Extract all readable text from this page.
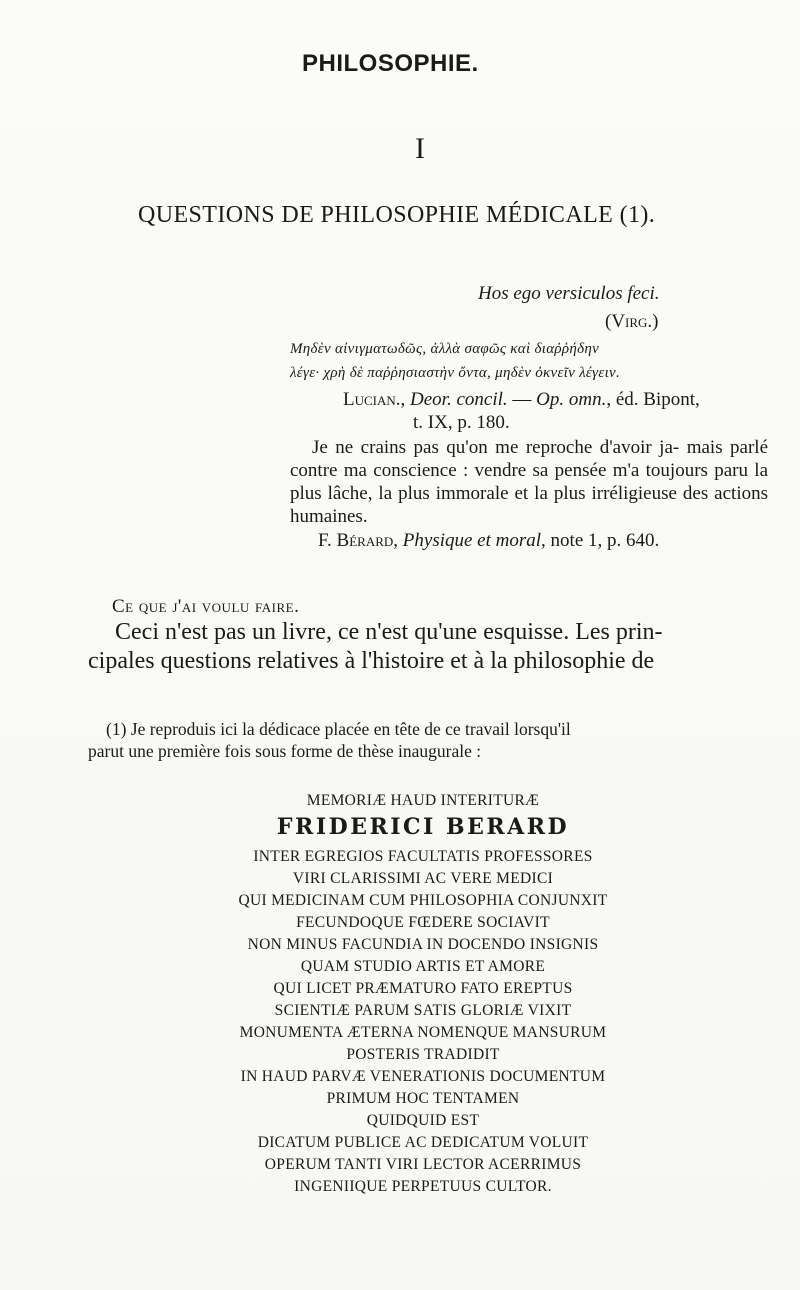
PHILOSOPHIE.
I
QUESTIONS DE PHILOSOPHIE MÉDICALE (1).
Hos ego versiculos feci.
(Virg.)
Μηδὲν αἰνιγματωδῶς, ἀλλὰ σαφῶς καὶ διαῤῥήδην
λέγε· χρὴ δὲ παῤῥησιαστὴν ὄντα, μηδὲν ὀκνεῖν λέγειν.
Lucian., Deor. concil. — Op. omn., éd. Bipont,
t. IX, p. 180.

Je ne crains pas qu'on me reproche d'avoir ja- mais parlé contre ma conscience : vendre sa pensée m'a toujours paru la plus lâche, la plus immorale et la plus irréligieuse des actions humaines.

F. Bérard, Physique et moral, note 1, p. 640.
Ce que j'ai voulu faire.
Ceci n'est pas un livre, ce n'est qu'une esquisse. Les prin-
cipales questions relatives à l'histoire et à la philosophie de
(1) Je reproduis ici la dédicace placée en tête de ce travail lorsqu'il
parut une première fois sous forme de thèse inaugurale :
MEMORIÆ HAUD INTERITURÆ
FRIDERICI BERARD
INTER EGREGIOS FACULTATIS PROFESSORES
VIRI CLARISSIMI AC VERE MEDICI
QUI MEDICINAM CUM PHILOSOPHIA CONJUNXIT
FECUNDOQUE FŒDERE SOCIAVIT
NON MINUS FACUNDIA IN DOCENDO INSIGNIS
QUAM STUDIO ARTIS ET AMORE
QUI LICET PRÆMATURO FATO EREPTUS
SCIENTIÆ PARUM SATIS GLORIÆ VIXIT
MONUMENTA ÆTERNA NOMENQUE MANSURUM
POSTERIS TRADIDIT
IN HAUD PARVÆ VENERATIONIS DOCUMENTUM
PRIMUM HOC TENTAMEN
QUIDQUID EST
DICATUM PUBLICE AC DEDICATUM VOLUIT
OPERUM TANTI VIRI LECTOR ACERRIMUS
INGENIIQUE PERPETUUS CULTOR.
